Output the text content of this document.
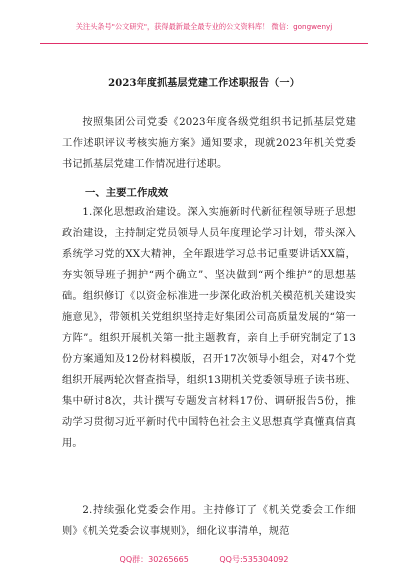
关注头条号"公文研究"，获得最新最全最专业的公文资料库！ 微信：gongwenyj
2023年度抓基层党建工作述职报告（一）

按照集团公司党委《2023年度各级党组织书记抓基层党建工作述职评议考核实施方案》通知要求，现就2023年机关党委书记抓基层党建工作情况进行述职。

一、主要工作成效

1.深化思想政治建设。深入实施新时代新征程领导班子思想政治建设，主持制定党员领导人员年度理论学习计划，带头深入系统学习党的XX大精神，全年跟进学习总书记重要讲话XX篇，夯实领导班子拥护“两个确立”、坚决做到“两个维护”的思想基础。组织修订《以资金标准进一步深化政治机关模范机关建设实施意见》，带领机关党组织坚持走好集团公司高质量发展的“第一方阵”。组织开展机关第一批主题教育，亲自上手研究制定了13份方案通知及12份材料模版，召开17次领导小组会，对47个党组织开展两轮次督查指导，组织13期机关党委领导班子读书班、集中研讨8次，共计撰写专题发言材料17份、调研报告5份，推动学习贯彻习近平新时代中国特色社会主义思想真学真懂真信真用。

2.持续强化党委会作用。主持修订了《机关党委会工作细则》《机关党委会议事规则》，细化议事清单，规范

QQ群：30265665	QQ号:535304092
